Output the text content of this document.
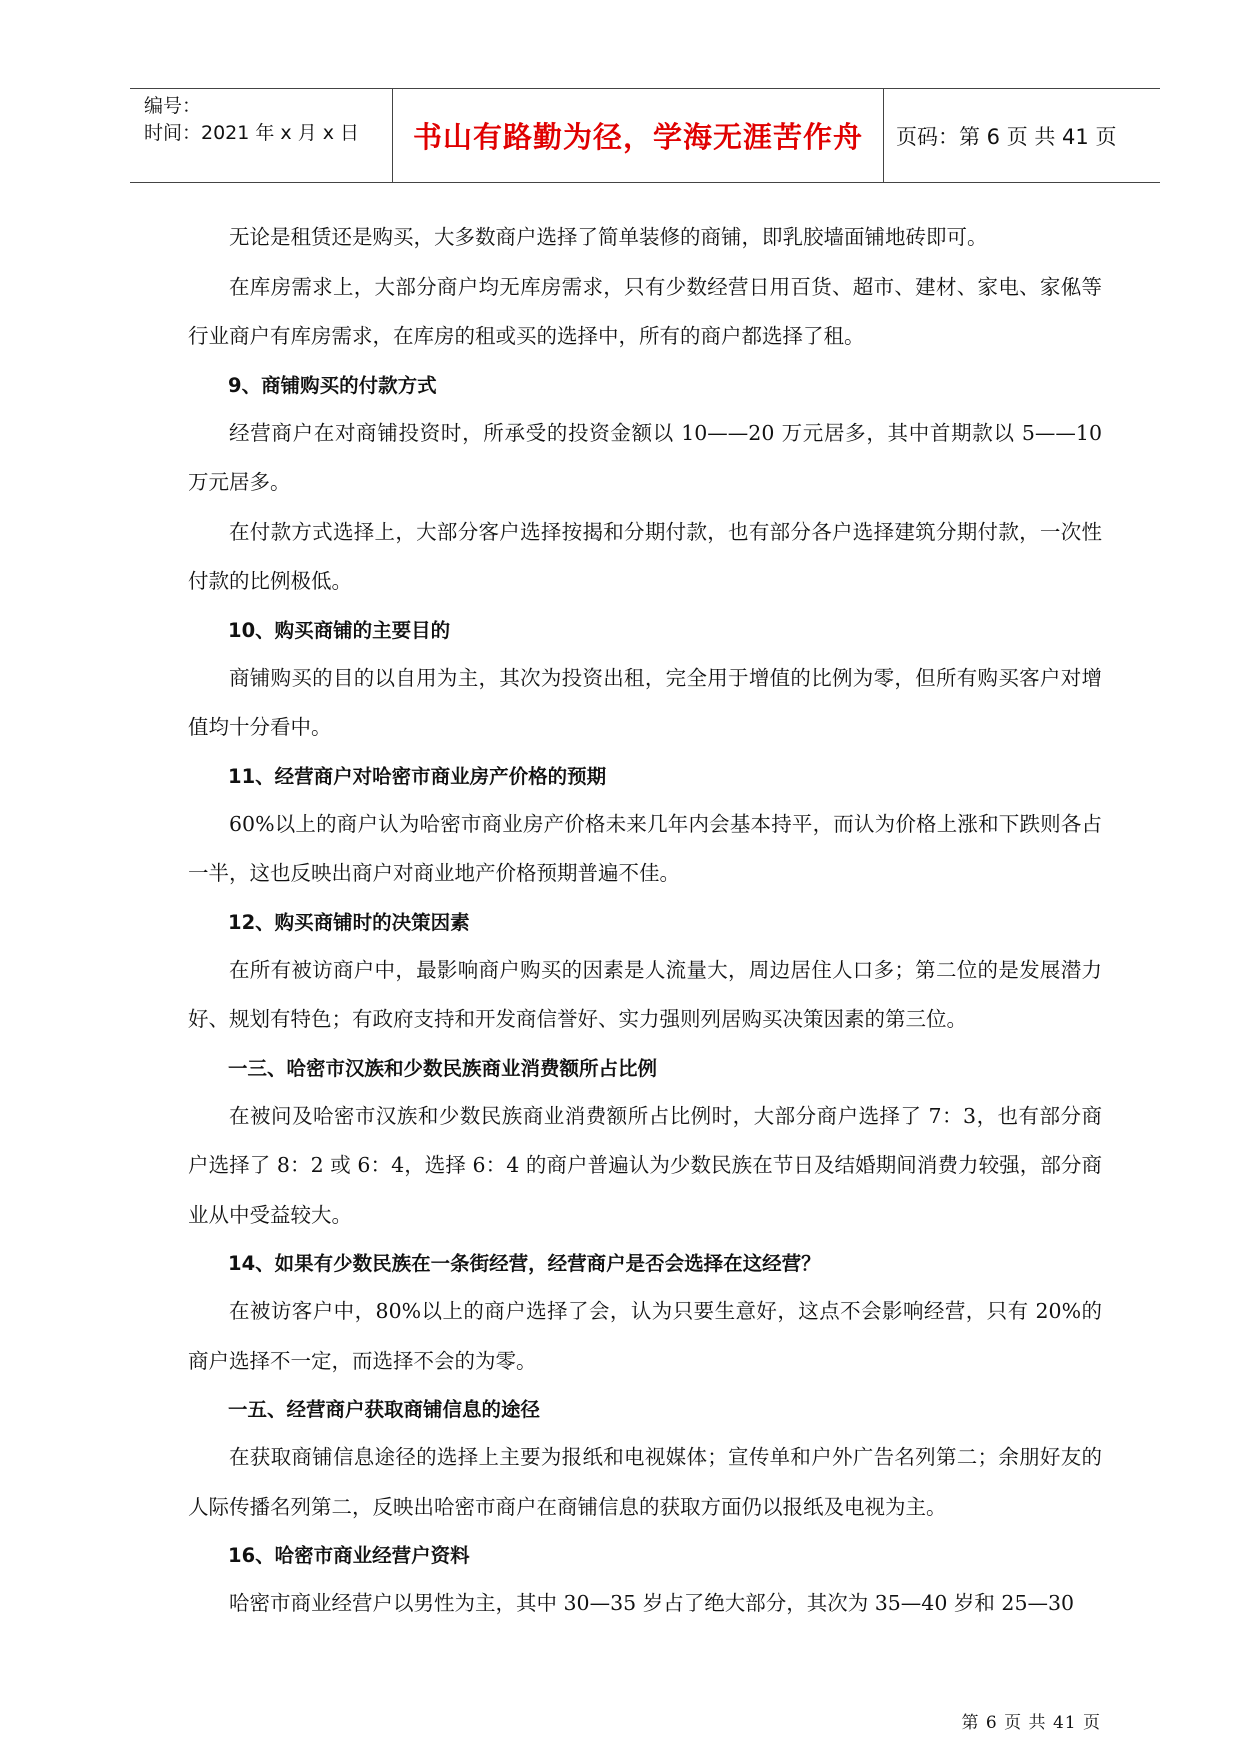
编号：
时间：2021 年 x 月 x 日	书山有路勤为径，学海无涯苦作舟	页码：第 6 页 共 41 页

无论是租赁还是购买，大多数商户选择了简单装修的商铺，即乳胶墙面铺地砖即可。

在库房需求上，大部分商户均无库房需求，只有少数经营日用百货、超市、建材、家电、家俬等行业商户有库房需求，在库房的租或买的选择中，所有的商户都选择了租。

9、商铺购买的付款方式

经营商户在对商铺投资时，所承受的投资金额以 10——20 万元居多，其中首期款以 5——10 万元居多。

在付款方式选择上，大部分客户选择按揭和分期付款，也有部分各户选择建筑分期付款，一次性付款的比例极低。

10、购买商铺的主要目的

商铺购买的目的以自用为主，其次为投资出租，完全用于增值的比例为零，但所有购买客户对增值均十分看中。

11、经营商户对哈密市商业房产价格的预期

60%以上的商户认为哈密市商业房产价格未来几年内会基本持平，而认为价格上涨和下跌则各占一半，这也反映出商户对商业地产价格预期普遍不佳。

12、购买商铺时的决策因素

在所有被访商户中，最影响商户购买的因素是人流量大，周边居住人口多；第二位的是发展潜力好、规划有特色；有政府支持和开发商信誉好、实力强则列居购买决策因素的第三位。

一三、哈密市汉族和少数民族商业消费额所占比例

在被问及哈密市汉族和少数民族商业消费额所占比例时，大部分商户选择了 7：3，也有部分商户选择了 8：2 或 6：4，选择 6：4 的商户普遍认为少数民族在节日及结婚期间消费力较强，部分商业从中受益较大。

14、如果有少数民族在一条街经营，经营商户是否会选择在这经营？

在被访客户中，80%以上的商户选择了会，认为只要生意好，这点不会影响经营，只有 20%的商户选择不一定，而选择不会的为零。

一五、经营商户获取商铺信息的途径

在获取商铺信息途径的选择上主要为报纸和电视媒体；宣传单和户外广告名列第二；余朋好友的人际传播名列第二，反映出哈密市商户在商铺信息的获取方面仍以报纸及电视为主。

16、哈密市商业经营户资料

哈密市商业经营户以男性为主，其中 30—35 岁占了绝大部分，其次为 35—40 岁和 25—30

第 6 页 共 41 页
